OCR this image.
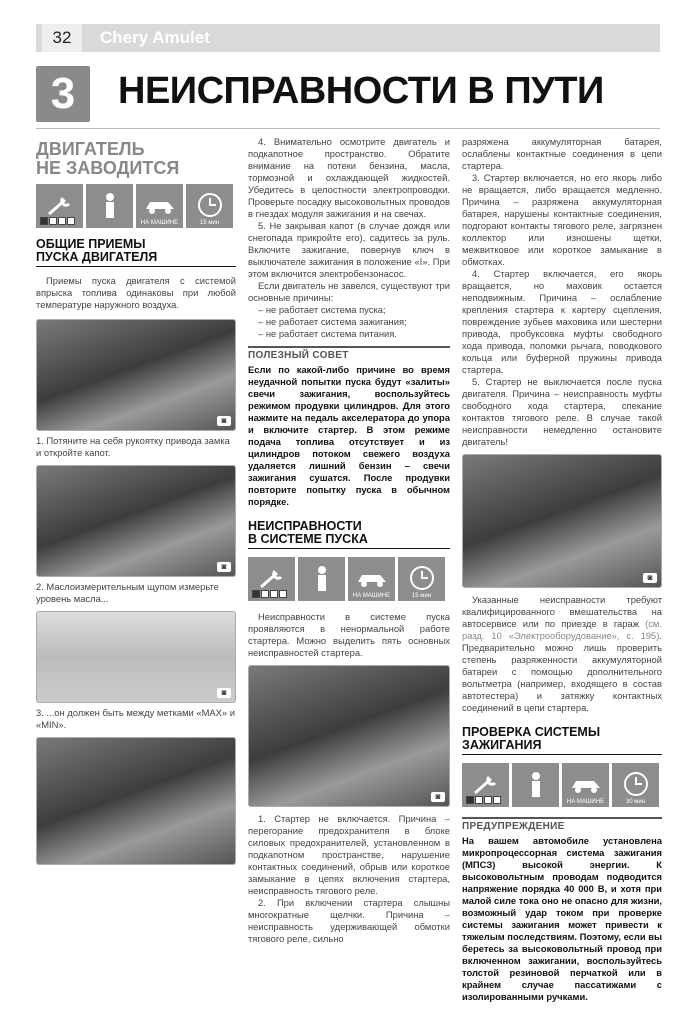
32	Chery Amulet
3	НЕИСПРАВНОСТИ В ПУТИ
ДВИГАТЕЛЬ
НЕ ЗАВОДИТСЯ
НА МАШИНЕ	15 мин
ОБЩИЕ ПРИЕМЫ
ПУСКА ДВИГАТЕЛЯ

Приемы пуска двигателя с системой впрыска топлива одинаковы при любой температуре наружного воздуха.

◙

1. Потяните на себя рукоятку привода замка и откройте капот.

◙

2. Маслоизмерительным щупом измерьте уровень масла...

◙

3. ...он должен быть между метками «MAX» и «MIN».

4. Внимательно осмотрите двигатель и подкапотное пространство. Обратите внимание на потеки бензина, масла, тормозной и охлаждающей жидкостей. Убедитесь в целостности электропроводки. Проверьте посадку высоковольтных проводов в гнездах модуля зажигания и на свечах.

5. Не закрывая капот (в случае дождя или снегопада прикройте его), садитесь за руль. Включите зажигание, повернув ключ в выключателе зажигания в положение «I». При этом включится электробензонасос.

Если двигатель не завелся, существуют три основные причины:

– не работает система пуска;
– не работает система зажигания;
– не работает система питания.
ПОЛЕЗНЫЙ СОВЕТ

Если по какой-либо причине во время неудачной попытки пуска будут «залиты» свечи зажигания, воспользуйтесь режимом продувки цилиндров. Для этого нажмите на педаль акселератора до упора и включите стартер. В этом режиме подача топлива отсутствует и из цилиндров потоком свежего воздуха удаляется лишний бензин – свечи зажигания сушатся. После продувки повторите попытку пуска в обычном порядке.

НЕИСПРАВНОСТИ
В СИСТЕМЕ ПУСКА
НА МАШИНЕ	15 мин

Неисправности в системе пуска проявляются в ненормальной работе стартера. Можно выделить пять основных неисправностей стартера.

◙

1. Стартер не включается. Причина – перегорание предохранителя в блоке силовых предохранителей, установленном в подкапотном пространстве, нарушение контактных соединений, обрыв или короткое замыкание в цепях включения стартера, неисправность тягового реле.

2. При включении стартера слышны многократные щелчки. Причина – неисправность удерживающей обмотки тягового реле, сильно

разряжена аккумуляторная батарея, ослаблены контактные соединения в цепи стартера.

3. Стартер включается, но его якорь либо не вращается, либо вращается медленно. Причина – разряжена аккумуляторная батарея, нарушены контактные соединения, подгорают контакты тягового реле, загрязнен коллектор или изношены щетки, межвитковое или короткое замыкание в обмотках.

4. Стартер включается, его якорь вращается, но маховик остается неподвижным. Причина – ослабление крепления стартера к картеру сцепления, повреждение зубьев маховика или шестерни привода, пробуксовка муфты свободного хода привода, поломки рычага, поводкового кольца или буферной пружины привода стартера.

5. Стартер не выключается после пуска двигателя. Причина – неисправность муфты свободного хода стартера, спекание контактов тягового реле. В случае такой неисправности немедленно остановите двигатель!

◙

Указанные неисправности требуют квалифицированного вмешательства на автосервисе или по приезде в гараж (см. разд. 10 «Электрооборудование», с. 195). Предварительно можно лишь проверить степень разряженности аккумуляторной батареи с помощью дополнительного вольтметра (например, входящего в состав автотестера) и затяжку контактных соединений в цепи стартера.

ПРОВЕРКА СИСТЕМЫ
ЗАЖИГАНИЯ
НА МАШИНЕ	30 мин
ПРЕДУПРЕЖДЕНИЕ

На вашем автомобиле установлена микропроцессорная система зажигания (МПСЗ) высокой энергии. К высоковольтным проводам подводится напряжение порядка 40 000 В, и хотя при малой силе тока оно не опасно для жизни, возможный удар током при проверке системы зажигания может привести к тяжелым последствиям. Поэтому, если вы беретесь за высоковольтный провод при включенном зажигании, воспользуйтесь толстой резиновой перчаткой или в крайнем случае пассатижами с изолированными ручками.
